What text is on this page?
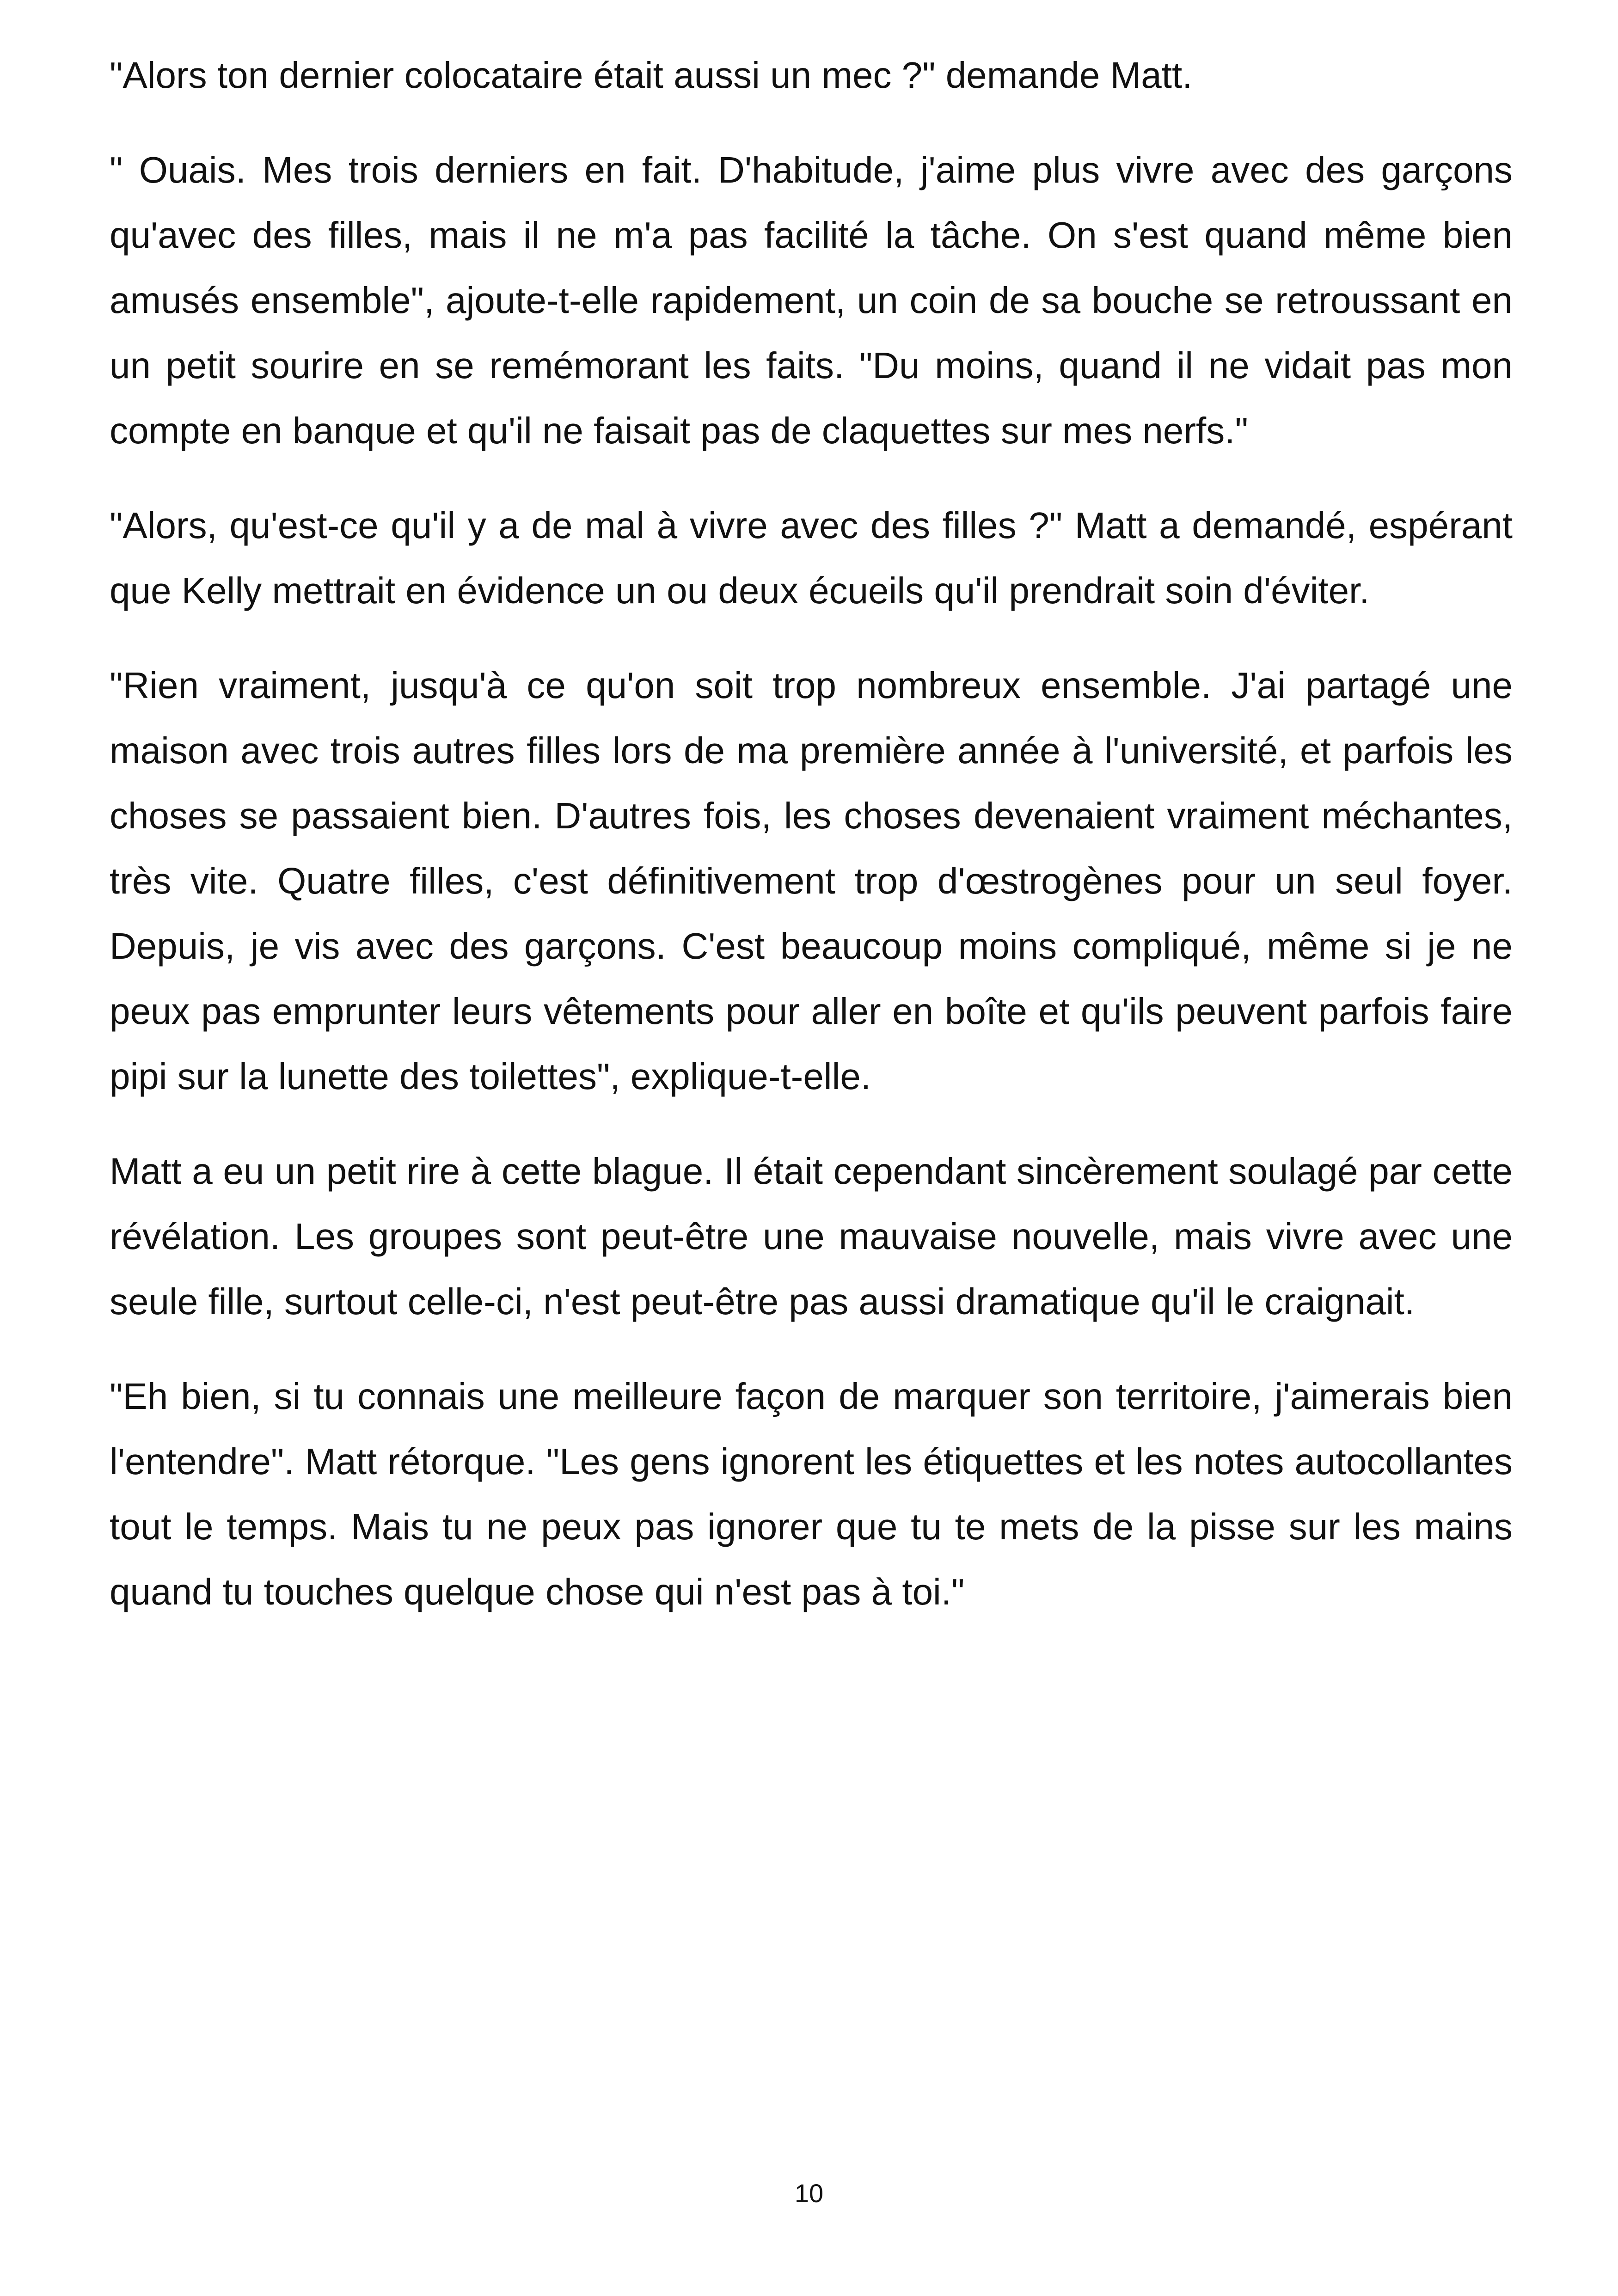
"Alors ton dernier colocataire était aussi un mec ?" demande Matt.

" Ouais. Mes trois derniers en fait. D'habitude, j'aime plus vivre avec des garçons qu'avec des filles, mais il ne m'a pas facilité la tâche. On s'est quand même bien amusés ensemble", ajoute-t-elle rapidement, un coin de sa bouche se retroussant en un petit sourire en se remémorant les faits. "Du moins, quand il ne vidait pas mon compte en banque et qu'il ne faisait pas de claquettes sur mes nerfs."

"Alors, qu'est-ce qu'il y a de mal à vivre avec des filles ?" Matt a demandé, espérant que Kelly mettrait en évidence un ou deux écueils qu'il prendrait soin d'éviter.

"Rien vraiment, jusqu'à ce qu'on soit trop nombreux ensemble. J'ai partagé une maison avec trois autres filles lors de ma première année à l'université, et parfois les choses se passaient bien. D'autres fois, les choses devenaient vraiment méchantes, très vite. Quatre filles, c'est définitivement trop d'œstrogènes pour un seul foyer. Depuis, je vis avec des garçons. C'est beaucoup moins compliqué, même si je ne peux pas emprunter leurs vêtements pour aller en boîte et qu'ils peuvent parfois faire pipi sur la lunette des toilettes", explique-t-elle.

Matt a eu un petit rire à cette blague. Il était cependant sincèrement soulagé par cette révélation. Les groupes sont peut-être une mauvaise nouvelle, mais vivre avec une seule fille, surtout celle-ci, n'est peut-être pas aussi dramatique qu'il le craignait.

"Eh bien, si tu connais une meilleure façon de marquer son territoire, j'aimerais bien l'entendre". Matt rétorque. "Les gens ignorent les étiquettes et les notes autocollantes tout le temps. Mais tu ne peux pas ignorer que tu te mets de la pisse sur les mains quand tu touches quelque chose qui n'est pas à toi."

10
